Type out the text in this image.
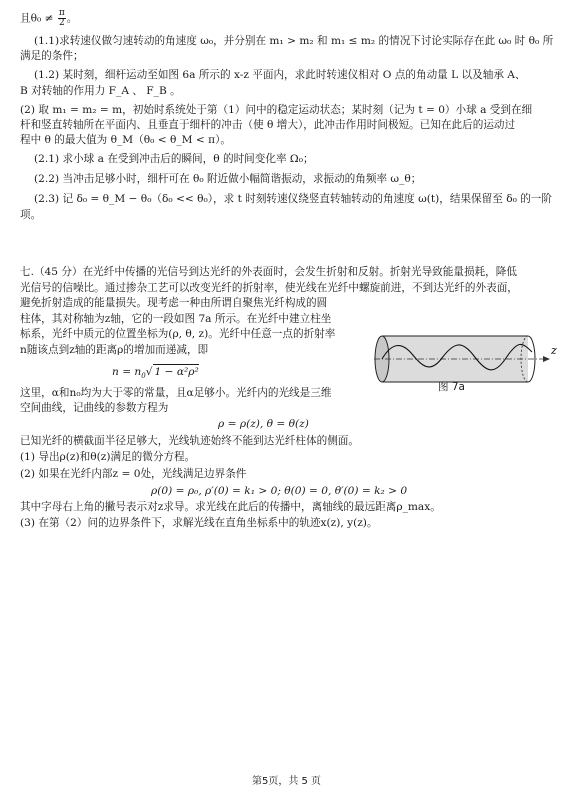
且$\theta_0 \ne \frac{\pi}{2}$ 。
(1.1)求转速仪做匀速转动的角速度 ω₀，并分别在 m₁ > m₂ 和 m₁ ≤ m₂ 的情况下讨论实际存在此 ω₀ 时 θ₀ 所
满足的条件；
(1.2) 某时刻，细杆运动至如图 6a 所示的 x-z 平面内，求此时转速仪相对 O 点的角动量 L 以及轴承 A、
B 对转轴的作用力 F_A 、 F_B 。
(2) 取 m₁ = m₂ = m，初始时系统处于第（1）问中的稳定运动状态；某时刻（记为 t = 0）小球 a 受到在细
杆和竖直转轴所在平面内、且垂直于细杆的冲击（使 θ 增大），此冲击作用时间极短。已知在此后的运动过
程中 θ 的最大值为 θ_M（θ₀ < θ_M < π）。
(2.1) 求小球 a 在受到冲击后的瞬间，θ 的时间变化率 Ω₀；
(2.2) 当冲击足够小时，细杆可在 θ₀ 附近做小幅简谐振动，求振动的角频率 ω_θ；
(2.3) 记 δ₀ = θ_M − θ₀（δ₀ << θ₀），求 t 时刻转速仪绕竖直转轴转动的角速度 ω(t)，结果保留至 δ₀ 的一阶
项。
七.（45 分）在光纤中传播的光信号到达光纤的外表面时，会发生折射和反射。折射光导致能量损耗，降低
光信号的信噪比。通过掺杂工艺可以改变光纤的折射率，使光线在光纤中螺旋前进，不到达光纤的外表面，
避免折射造成的能量损失。现考虑一种由所谓自聚焦光纤构成的圆
柱体，其对称轴为z轴，它的一段如图 7a 所示。在光纤中建立柱坐
标系，光纤中质元的位置坐标为(ρ, θ, z)。光纤中任意一点的折射率
n随该点到z轴的距离ρ的增加而递减，即
$n = n_0√$ 1 − α²ρ²
这里，α和n₀均为大于零的常量，且α足够小。光纤内的光线是三维
空间曲线，记曲线的参数方程为
ρ = ρ(z), θ = θ(z)
已知光纤的横截面半径足够大，光线轨迹始终不能到达光纤柱体的侧面。
(1) 导出ρ(z)和θ(z)满足的微分方程。
(2) 如果在光纤内部z = 0处，光线满足边界条件
ρ(0) = ρ₀, ρ′(0) = k₁ > 0; θ(0) = 0, θ′(0) = k₂ > 0
其中字母右上角的撇号表示对z求导。求光线在此后的传播中，离轴线的最远距离ρ_max。
(3) 在第（2）问的边界条件下，求解光线在直角坐标系中的轨迹x(z), y(z)。
z
图 7a
第5页，共 5 页
